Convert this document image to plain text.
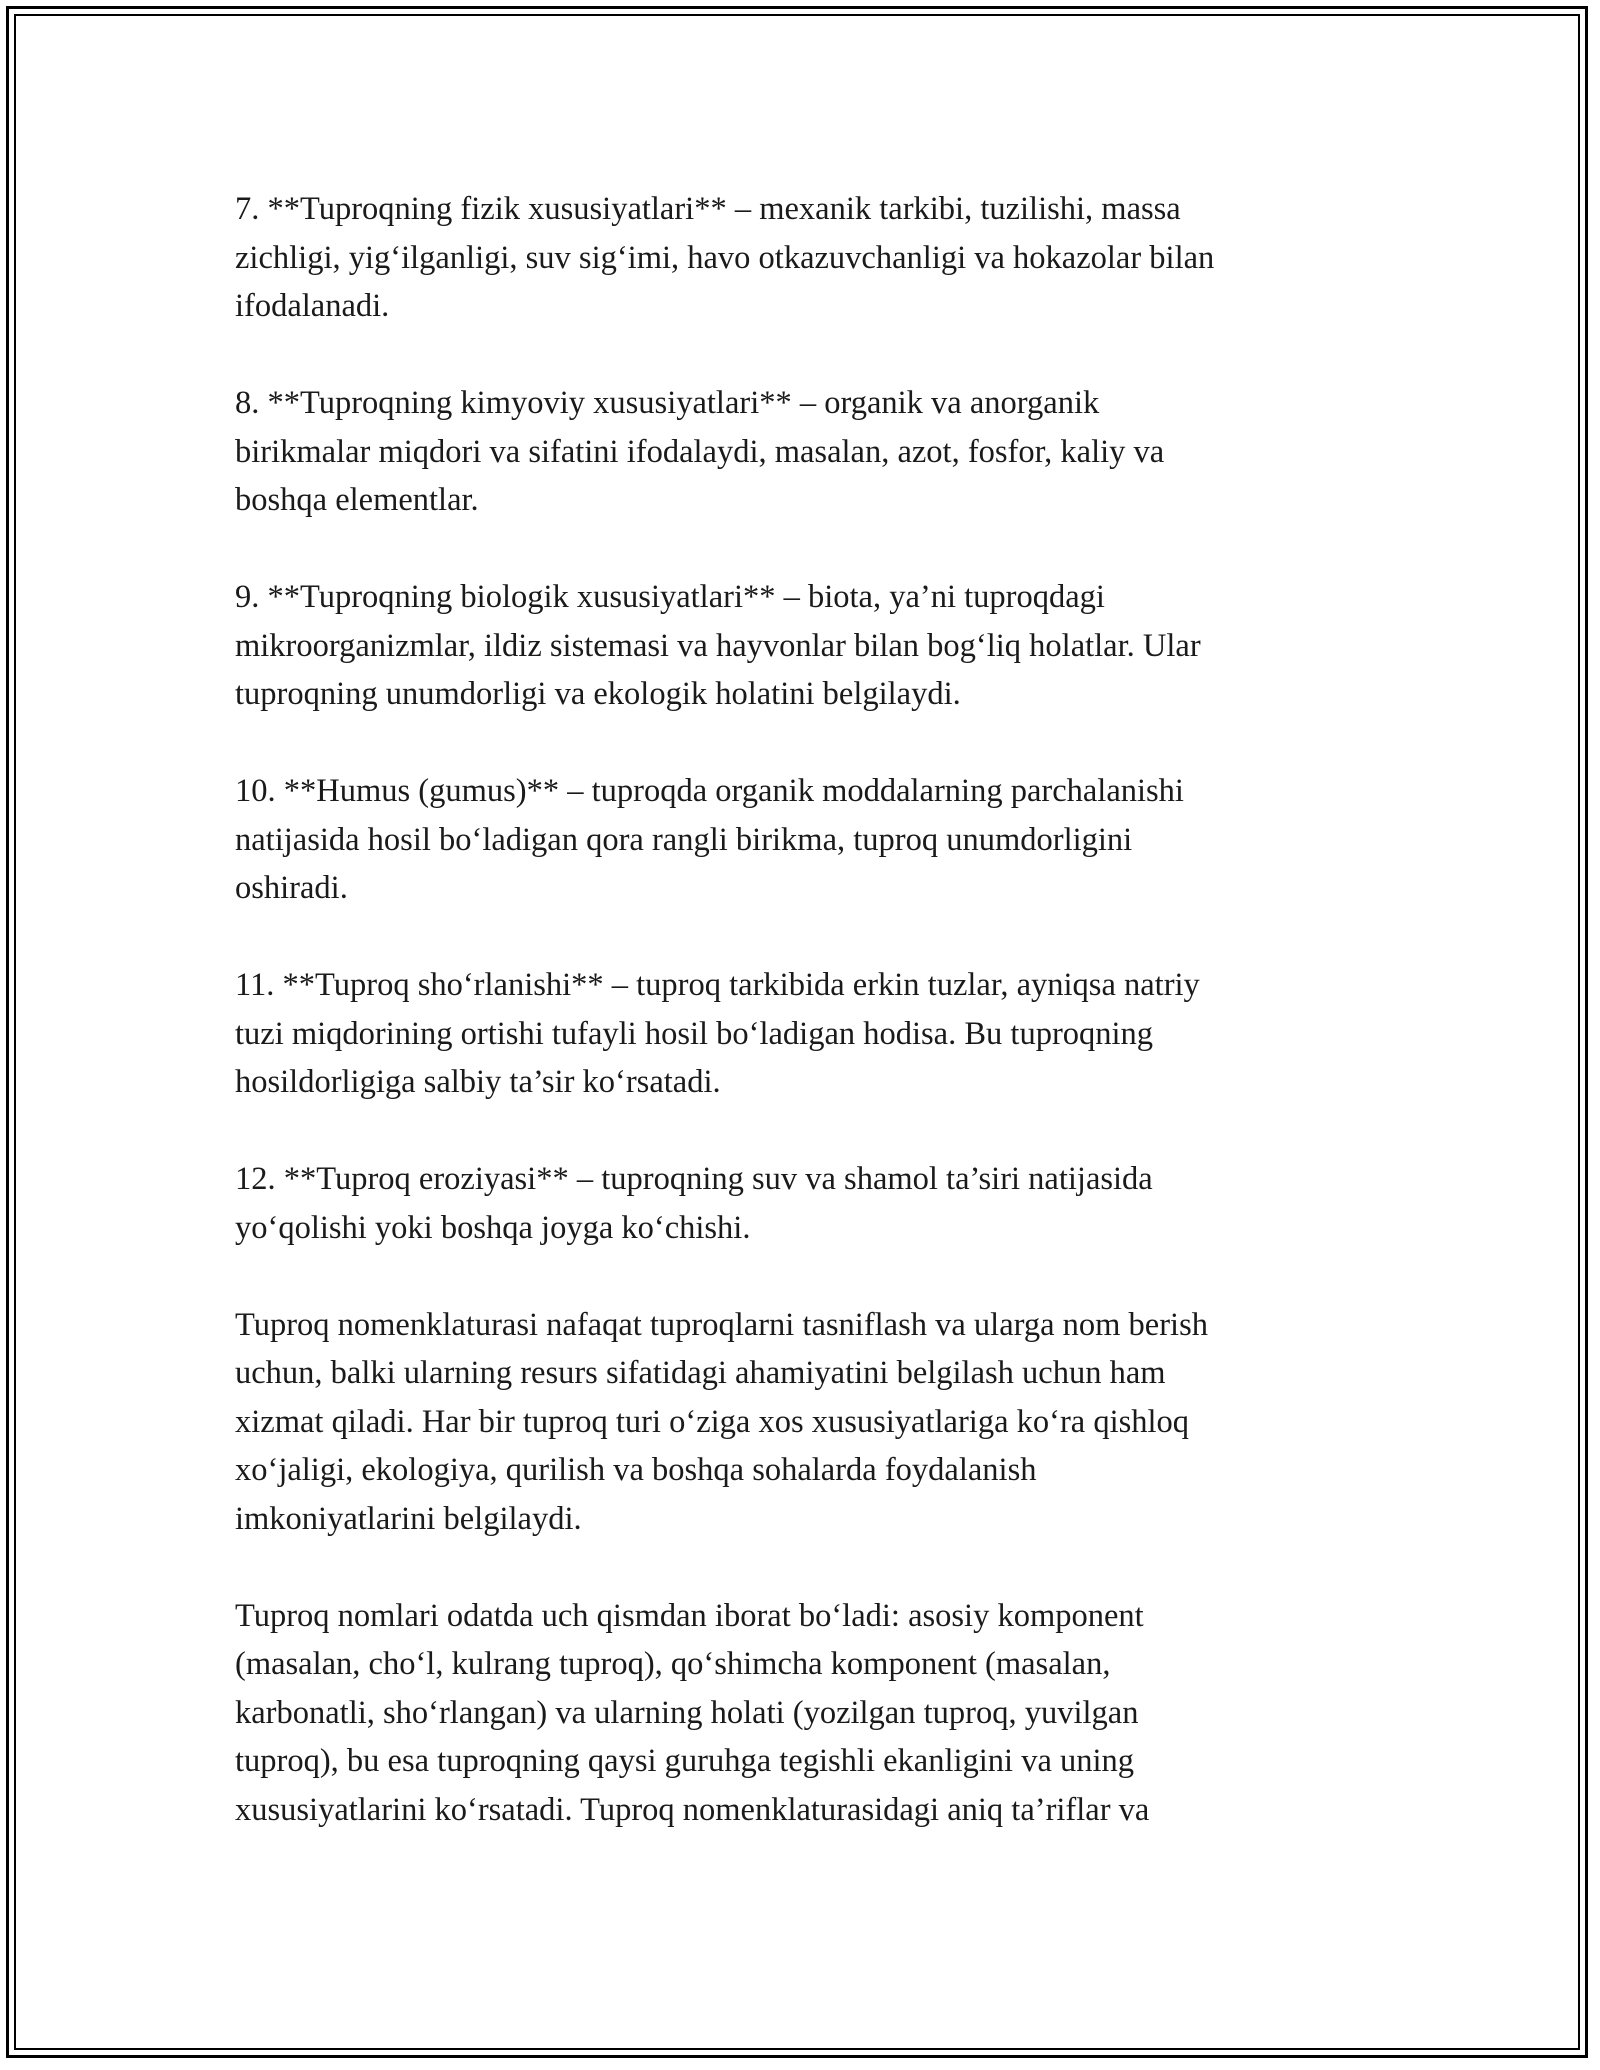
7. **Tuproqning fizik xususiyatlari** – mexanik tarkibi, tuzilishi, massa
zichligi, yig‘ilganligi, suv sig‘imi, havo otkazuvchanligi va hokazolar bilan
ifodalanadi.

8. **Tuproqning kimyoviy xususiyatlari** – organik va anorganik
birikmalar miqdori va sifatini ifodalaydi, masalan, azot, fosfor, kaliy va
boshqa elementlar.

9. **Tuproqning biologik xususiyatlari** – biota, ya’ni tuproqdagi
mikroorganizmlar, ildiz sistemasi va hayvonlar bilan bog‘liq holatlar. Ular
tuproqning unumdorligi va ekologik holatini belgilaydi.

10. **Humus (gumus)** – tuproqda organik moddalarning parchalanishi
natijasida hosil bo‘ladigan qora rangli birikma, tuproq unumdorligini
oshiradi.

11. **Tuproq sho‘rlanishi** – tuproq tarkibida erkin tuzlar, ayniqsa natriy
tuzi miqdorining ortishi tufayli hosil bo‘ladigan hodisa. Bu tuproqning
hosildorligiga salbiy ta’sir ko‘rsatadi.

12. **Tuproq eroziyasi** – tuproqning suv va shamol ta’siri natijasida
yo‘qolishi yoki boshqa joyga ko‘chishi.

Tuproq nomenklaturasi nafaqat tuproqlarni tasniflash va ularga nom berish
uchun, balki ularning resurs sifatidagi ahamiyatini belgilash uchun ham
xizmat qiladi. Har bir tuproq turi o‘ziga xos xususiyatlariga ko‘ra qishloq
xo‘jaligi, ekologiya, qurilish va boshqa sohalarda foydalanish
imkoniyatlarini belgilaydi.

Tuproq nomlari odatda uch qismdan iborat bo‘ladi: asosiy komponent
(masalan, cho‘l, kulrang tuproq), qo‘shimcha komponent (masalan,
karbonatli, sho‘rlangan) va ularning holati (yozilgan tuproq, yuvilgan
tuproq), bu esa tuproqning qaysi guruhga tegishli ekanligini va uning
xususiyatlarini ko‘rsatadi. Tuproq nomenklaturasidagi aniq ta’riflar va
